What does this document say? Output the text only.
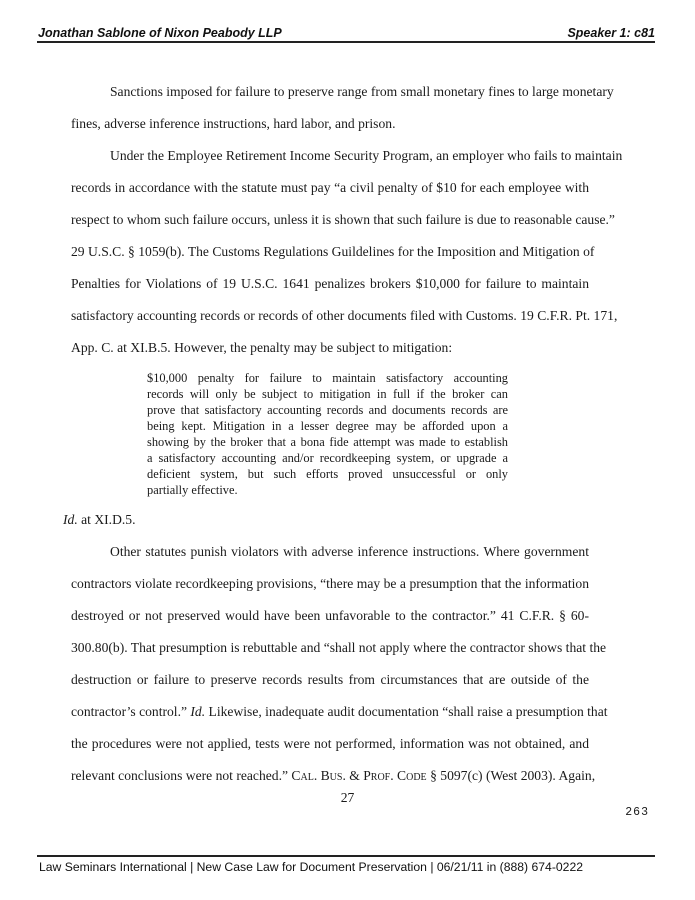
Jonathan Sablone of Nixon Peabody LLP	Speaker 1: c81
Sanctions imposed for failure to preserve range from small monetary fines to large monetary
fines, adverse inference instructions, hard labor, and prison.
Under the Employee Retirement Income Security Program, an employer who fails to maintain
records in accordance with the statute must pay “a civil penalty of $10 for each employee with
respect to whom such failure occurs, unless it is shown that such failure is due to reasonable cause.”
29 U.S.C. § 1059(b). The Customs Regulations Guildelines for the Imposition and Mitigation of
Penalties for Violations of 19 U.S.C. 1641 penalizes brokers $10,000 for failure to maintain
satisfactory accounting records or records of other documents filed with Customs. 19 C.F.R. Pt. 171,
App. C. at XI.B.5. However, the penalty may be subject to mitigation:
$10,000 penalty for failure to maintain satisfactory accounting
records will only be subject to mitigation in full if the broker can
prove that satisfactory accounting records and documents records are
being kept. Mitigation in a lesser degree may be afforded upon a
showing by the broker that a bona fide attempt was made to establish
a satisfactory accounting and/or recordkeeping system, or upgrade a
deficient system, but such efforts proved unsuccessful or only
partially effective.
Id. at XI.D.5.
Other statutes punish violators with adverse inference instructions. Where government
contractors violate recordkeeping provisions, “there may be a presumption that the information
destroyed or not preserved would have been unfavorable to the contractor.” 41 C.F.R. § 60-
300.80(b). That presumption is rebuttable and “shall not apply where the contractor shows that the
destruction or failure to preserve records results from circumstances that are outside of the
contractor’s control.” Id. Likewise, inadequate audit documentation “shall raise a presumption that
the procedures were not applied, tests were not performed, information was not obtained, and
relevant conclusions were not reached.” Cal. Bus. & Prof. Code § 5097(c) (West 2003). Again,
27
263
Law Seminars International | New Case Law for Document Preservation | 06/21/11 in (888) 674-0222
